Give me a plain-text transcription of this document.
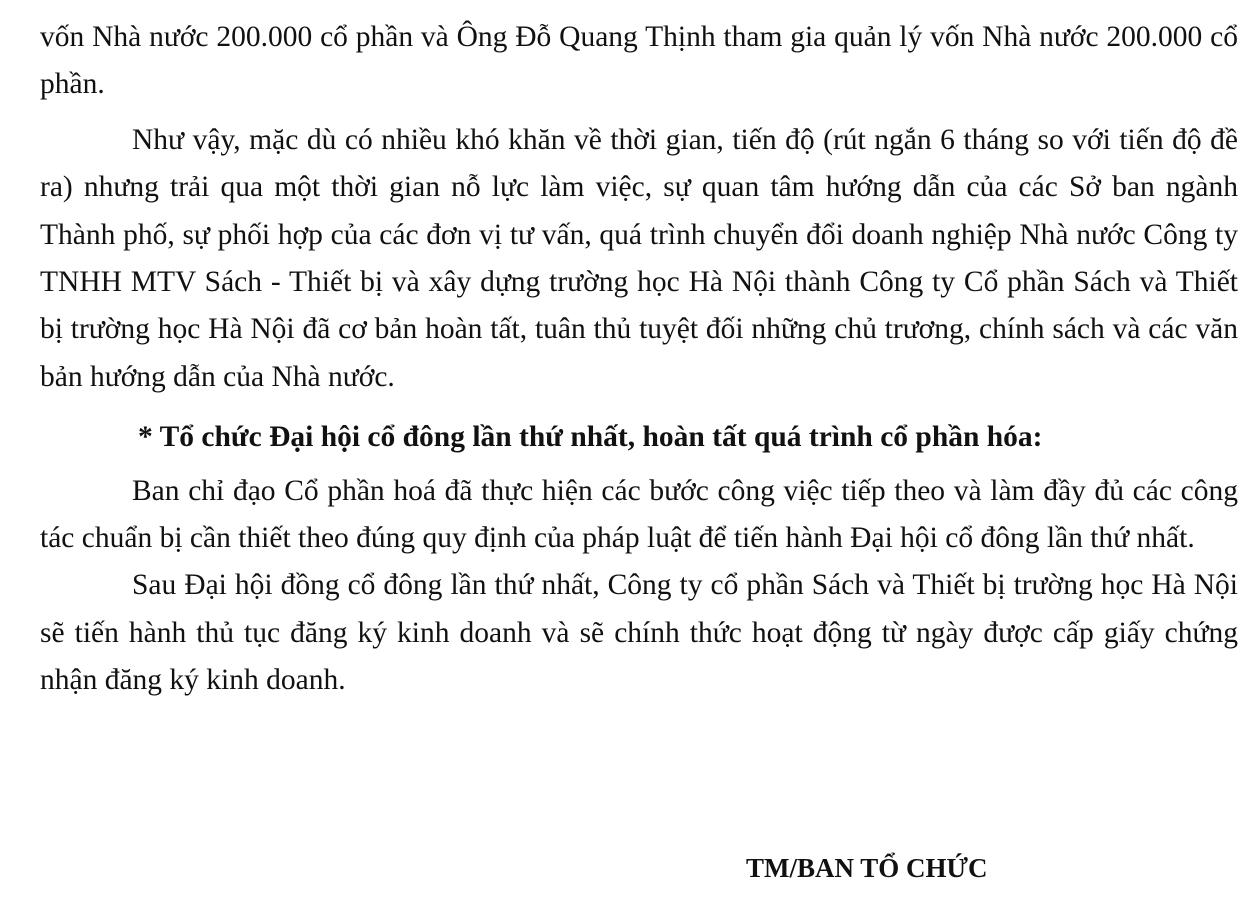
vốn Nhà nước 200.000 cổ phần và Ông Đỗ Quang Thịnh tham gia quản lý vốn Nhà nước 200.000 cổ phần.

Như vậy, mặc dù có nhiều khó khăn về thời gian, tiến độ (rút ngắn 6 tháng so với tiến độ đề ra) nhưng trải qua một thời gian nỗ lực làm việc, sự quan tâm hướng dẫn của các Sở ban ngành Thành phố, sự phối hợp của các đơn vị tư vấn, quá trình chuyển đổi doanh nghiệp Nhà nước Công ty TNHH MTV Sách - Thiết bị và xây dựng trường học Hà Nội thành Công ty Cổ phần Sách và Thiết bị trường học Hà Nội đã cơ bản hoàn tất, tuân thủ tuyệt đối những chủ trương, chính sách và các văn bản hướng dẫn của Nhà nước.

* Tổ chức Đại hội cổ đông lần thứ nhất, hoàn tất quá trình cổ phần hóa:

Ban chỉ đạo Cổ phần hoá đã thực hiện các bước công việc tiếp theo và làm đầy đủ các công tác chuẩn bị cần thiết theo đúng quy định của pháp luật để tiến hành Đại hội cổ đông lần thứ nhất.

Sau Đại hội đồng cổ đông lần thứ nhất, Công ty cổ phần Sách và Thiết bị trường học Hà Nội sẽ tiến hành thủ tục đăng ký kinh doanh và sẽ chính thức hoạt động từ ngày được cấp giấy chứng nhận đăng ký kinh doanh.

TM/BAN TỔ CHỨC
